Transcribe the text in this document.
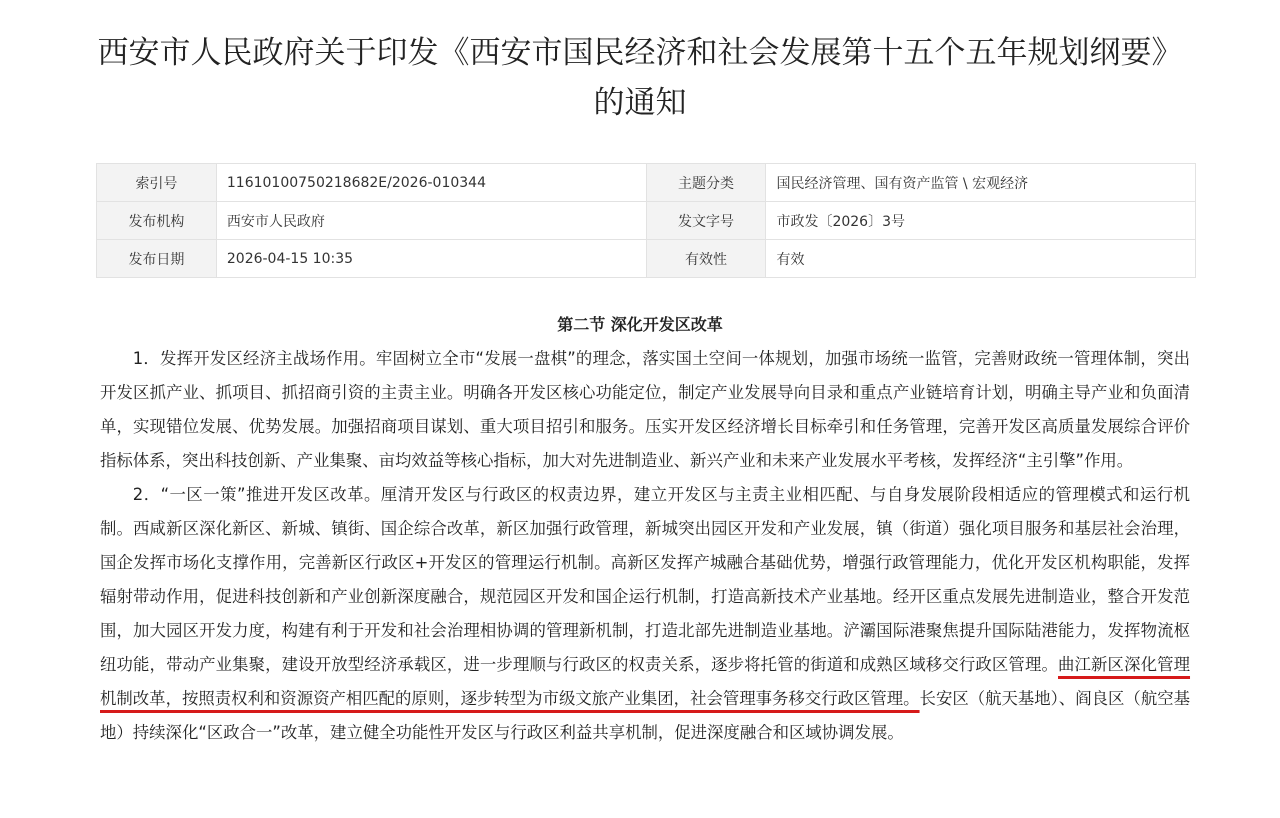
西安市人民政府关于印发《西安市国民经济和社会发展第十五个五年规划纲要》的通知
索引号	11610100750218682E/2026-010344	主题分类	国民经济管理、国有资产监管 \ 宏观经济
发布机构	西安市人民政府	发文字号	市政发〔2026〕3号
发布日期	2026-04-15 10:35	有效性	有效
第二节 深化开发区改革

1．发挥开发区经济主战场作用。牢固树立全市“发展一盘棋”的理念，落实国土空间一体规划，加强市场统一监管，完善财政统一管理体制，突出开发区抓产业、抓项目、抓招商引资的主责主业。明确各开发区核心功能定位，制定产业发展导向目录和重点产业链培育计划，明确主导产业和负面清单，实现错位发展、优势发展。加强招商项目谋划、重大项目招引和服务。压实开发区经济增长目标牵引和任务管理，完善开发区高质量发展综合评价指标体系，突出科技创新、产业集聚、亩均效益等核心指标，加大对先进制造业、新兴产业和未来产业发展水平考核，发挥经济“主引擎”作用。

2．“一区一策”推进开发区改革。厘清开发区与行政区的权责边界，建立开发区与主责主业相匹配、与自身发展阶段相适应的管理模式和运行机制。西咸新区深化新区、新城、镇街、国企综合改革，新区加强行政管理，新城突出园区开发和产业发展，镇（街道）强化项目服务和基层社会治理，国企发挥市场化支撑作用，完善新区行政区+开发区的管理运行机制。高新区发挥产城融合基础优势，增强行政管理能力，优化开发区机构职能，发挥辐射带动作用，促进科技创新和产业创新深度融合，规范园区开发和国企运行机制，打造高新技术产业基地。经开区重点发展先进制造业，整合开发范围，加大园区开发力度，构建有利于开发和社会治理相协调的管理新机制，打造北部先进制造业基地。浐灞国际港聚焦提升国际陆港能力，发挥物流枢纽功能，带动产业集聚，建设开放型经济承载区，进一步理顺与行政区的权责关系，逐步将托管的街道和成熟区域移交行政区管理。曲江新区深化管理机制改革，按照责权利和资源资产相匹配的原则，逐步转型为市级文旅产业集团，社会管理事务移交行政区管理。长安区（航天基地）、阎良区（航空基地）持续深化“区政合一”改革，建立健全功能性开发区与行政区利益共享机制，促进深度融合和区域协调发展。
